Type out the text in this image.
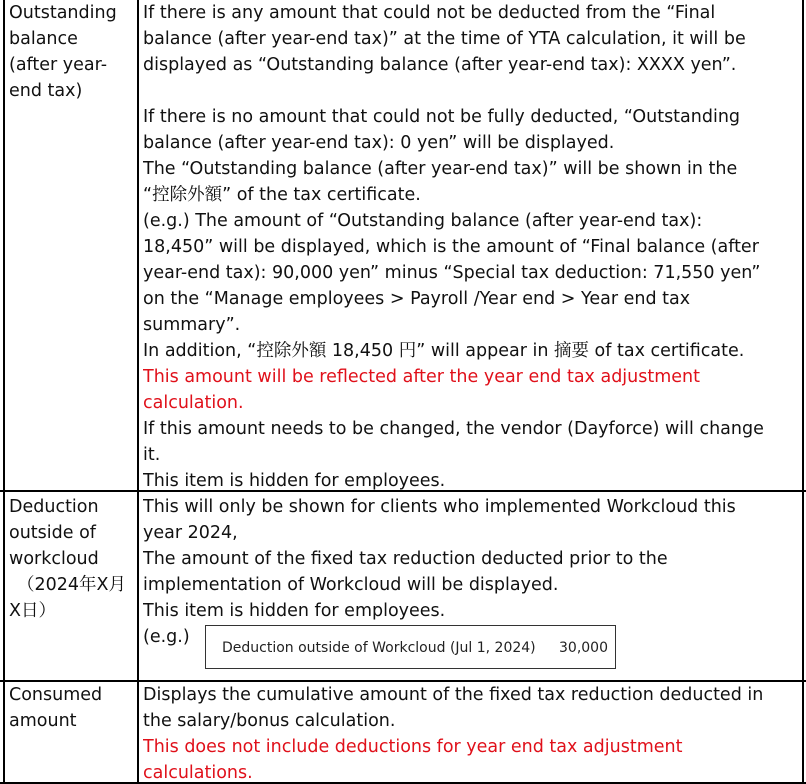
Outstanding
balance
(after year-
end tax)
If there is any amount that could not be deducted from the “Final
balance (after year-end tax)” at the time of YTA calculation, it will be
displayed as “Outstanding balance (after year-end tax): XXXX yen”.
If there is no amount that could not be fully deducted, “Outstanding
balance (after year-end tax): 0 yen” will be displayed.
The “Outstanding balance (after year-end tax)” will be shown in the
“控除外額” of the tax certificate.
(e.g.) The amount of “Outstanding balance (after year-end tax):
18,450” will be displayed, which is the amount of “Final balance (after
year-end tax): 90,000 yen” minus “Special tax deduction: 71,550 yen”
on the “Manage employees > Payroll /Year end > Year end tax
summary”.
In addition, “控除外額 18,450 円” will appear in 摘要 of tax certificate.
This amount will be reflected after the year end tax adjustment
calculation.
If this amount needs to be changed, the vendor (Dayforce) will change
it.
This item is hidden for employees.
Deduction
outside of
workcloud
（2024年X月
X日）
This will only be shown for clients who implemented Workcloud this
year 2024,
The amount of the fixed tax reduction deducted prior to the
implementation of Workcloud will be displayed.
This item is hidden for employees.
(e.g.)
Deduction outside of Workcloud (Jul 1, 2024) 30,000
Consumed
amount
Displays the cumulative amount of the fixed tax reduction deducted in
the salary/bonus calculation.
This does not include deductions for year end tax adjustment
calculations.
